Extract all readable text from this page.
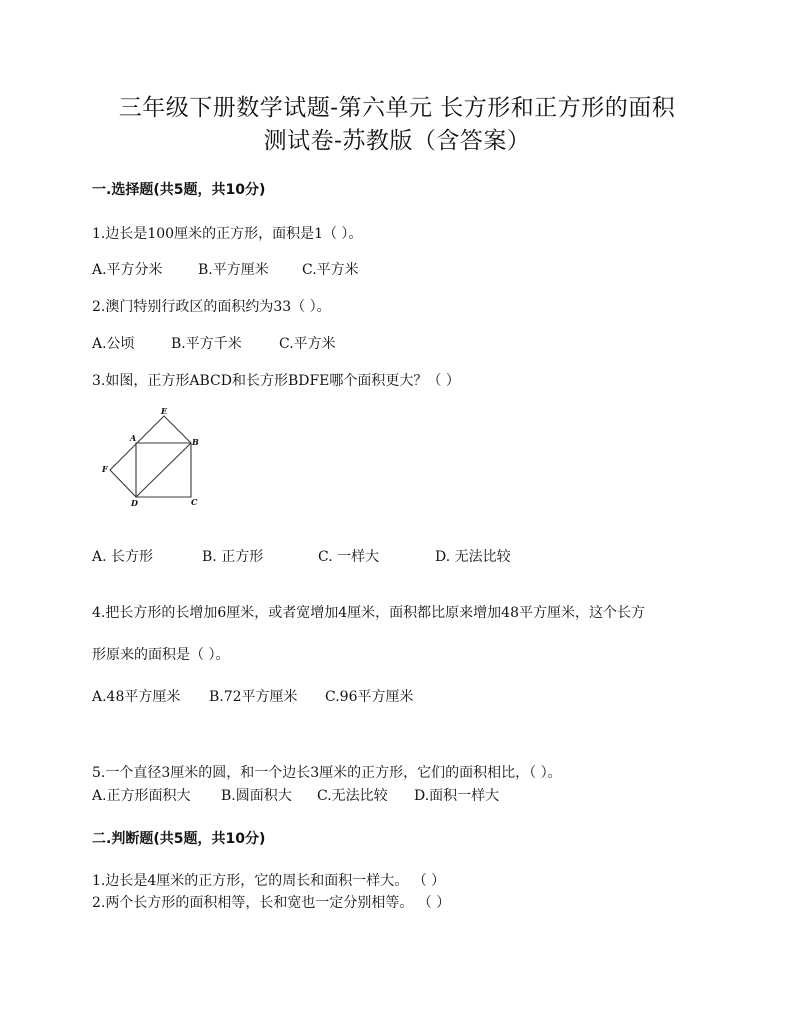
三年级下册数学试题-第六单元 长方形和正方形的面积
测试卷-苏教版（含答案）
一.选择题(共5题，共10分)
1.边长是100厘米的正方形，面积是1（ ）。
A.平方分米	B.平方厘米 C.平方米
2.澳门特别行政区的面积约为33（ ）。
A.公顷	B.平方千米	C.平方米
3.如图，正方形ABCD和长方形BDFE哪个面积更大？（ ）
E
A	B
F
D	C
A. 长方形	B. 正方形	C. 一样大	D. 无法比较
4.把长方形的长增加6厘米，或者宽增加4厘米，面积都比原来增加48平方厘米，这个长方
形原来的面积是（ ）。
A.48平方厘米 B.72平方厘米 C.96平方厘米
5.一个直径3厘米的圆，和一个边长3厘米的正方形，它们的面积相比，（ ）。
A.正方形面积大 B.圆面积大 C.无法比较 D.面积一样大
二.判断题(共5题，共10分)
1.边长是4厘米的正方形，它的周长和面积一样大。 （ ）
2.两个长方形的面积相等，长和宽也一定分别相等。 （ ）
